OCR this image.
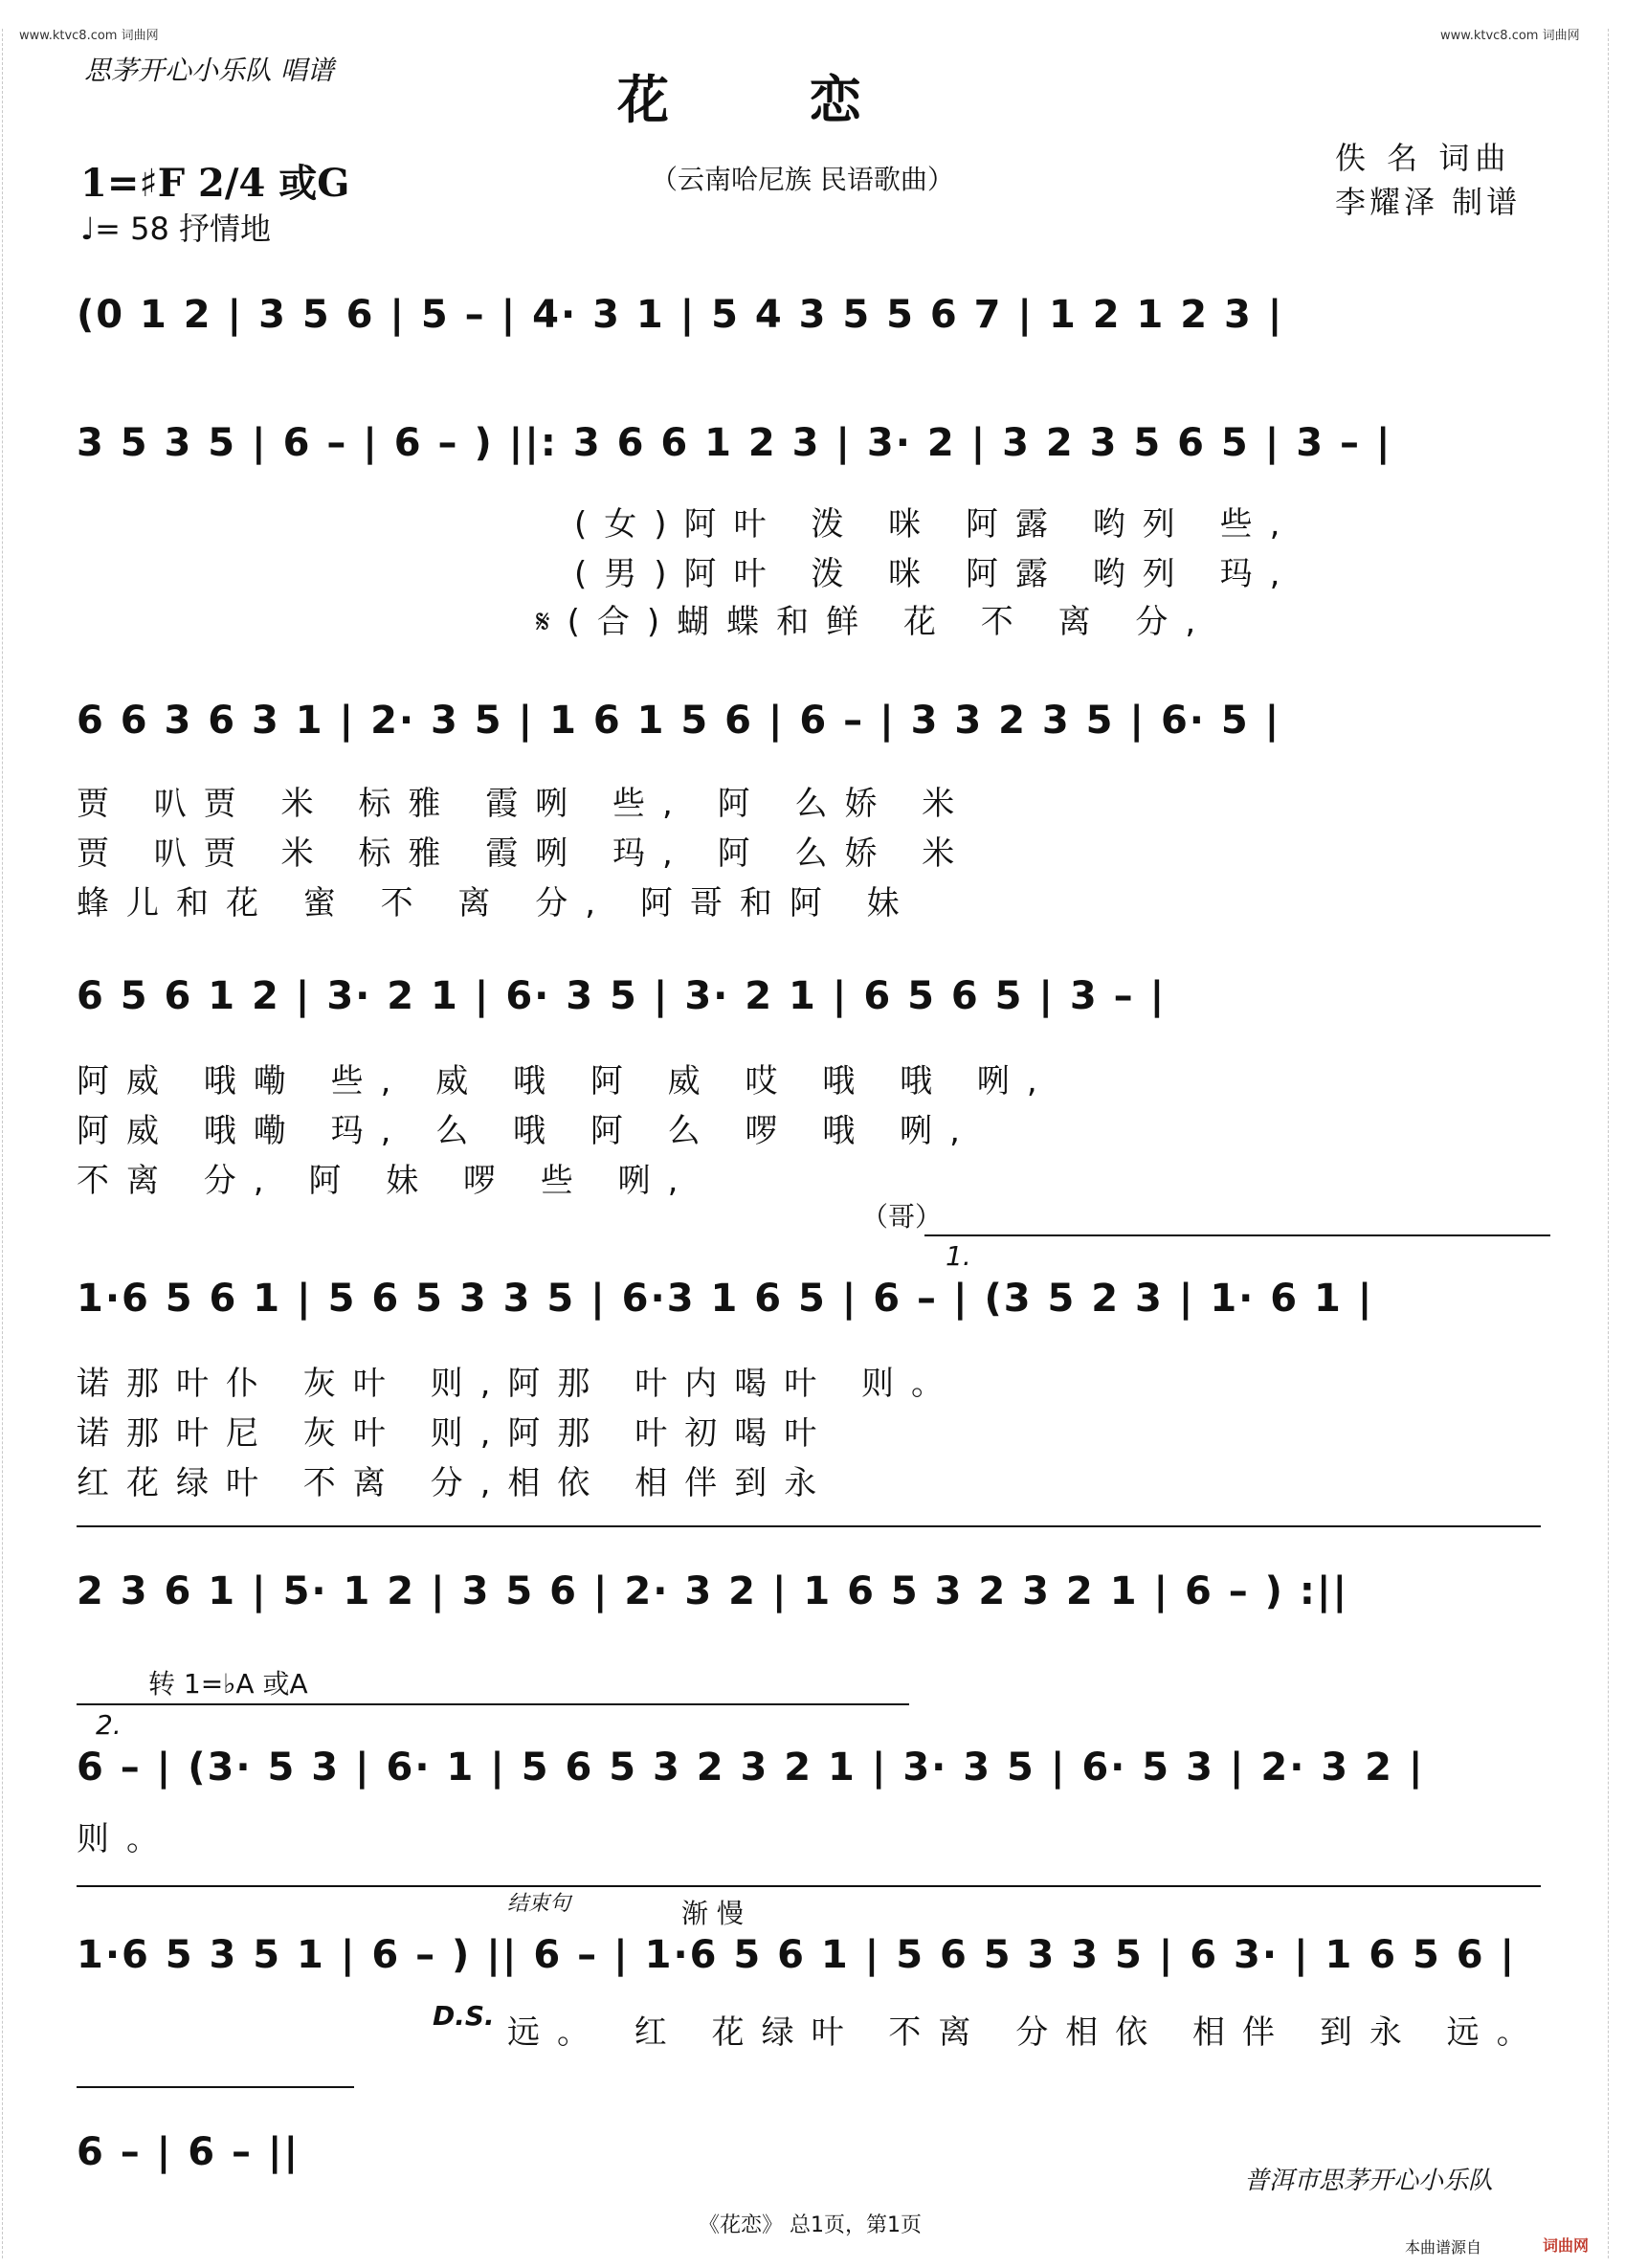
www.ktvc8.com 词曲网	www.ktvc8.com 词曲网
思茅开心小乐队 唱谱	花 恋
（云南哈尼族 民语歌曲）
佚 名 词曲
李耀泽 制谱
1=♯F 2/4 或G
♩= 58 抒情地
(0 1 2 | 3 5 6 | 5 – | 4· 3 1 | 5 4 3 5 5 6 7 | 1 2 1 2 3 |
3 5 3 5 | 6 – | 6 – ) ||: 3 6 6 1 2 3 | 3· 2 | 3 2 3 5 6 5 | 3 – |
(女)阿叶 泼 咪 阿露 哟列 些,
(男)阿叶 泼 咪 阿露 哟列 玛,
𝄋(合)蝴蝶和鲜 花 不 离 分,
6 6 3 6 3 1 | 2· 3 5 | 1 6 1 5 6 | 6 – | 3 3 2 3 5 | 6· 5 |
贾 叭贾 米 标雅 霞咧 些, 阿 么娇 米
贾 叭贾 米 标雅 霞咧 玛, 阿 么娇 米
蜂儿和花 蜜 不 离 分, 阿哥和阿 妹
6 5 6 1 2 | 3· 2 1 | 6· 3 5 | 3· 2 1 | 6 5 6 5 | 3 – |
阿威 哦嘞 些, 威 哦 阿 威 哎 哦 哦 咧,
阿威 哦嘞 玛, 么 哦 阿 么 啰 哦 咧,
不离 分, 阿 妹 啰 些 咧,
（哥）
1.
1·6 5 6 1 | 5 6 5 3 3 5 | 6·3 1 6 5 | 6 – | (3 5 2 3 | 1· 6 1 |
诺那叶仆 灰叶 则,阿那 叶内喝叶 则。
诺那叶尼 灰叶 则,阿那 叶初喝叶
红花绿叶 不离 分,相依 相伴到永
2 3 6 1 | 5· 1 2 | 3 5 6 | 2· 3 2 | 1 6 5 3 2 3 2 1 | 6 – ) :||
转 1=♭A 或A
2.
6 – | (3· 5 3 | 6· 1 | 5 6 5 3 2 3 2 1 | 3· 3 5 | 6· 5 3 | 2· 3 2 |
则。
结束句	渐 慢
1·6 5 3 5 1 | 6 – ) || 6 – | 1·6 5 6 1 | 5 6 5 3 3 5 | 6 3· | 1 6 5 6 |
D.S. 远。 红 花绿叶 不离 分相依 相伴 到永 远。
6 – | 6 – ||
普洱市思茅开心小乐队
《花恋》 总1页，第1页
本曲谱源自	词曲网
